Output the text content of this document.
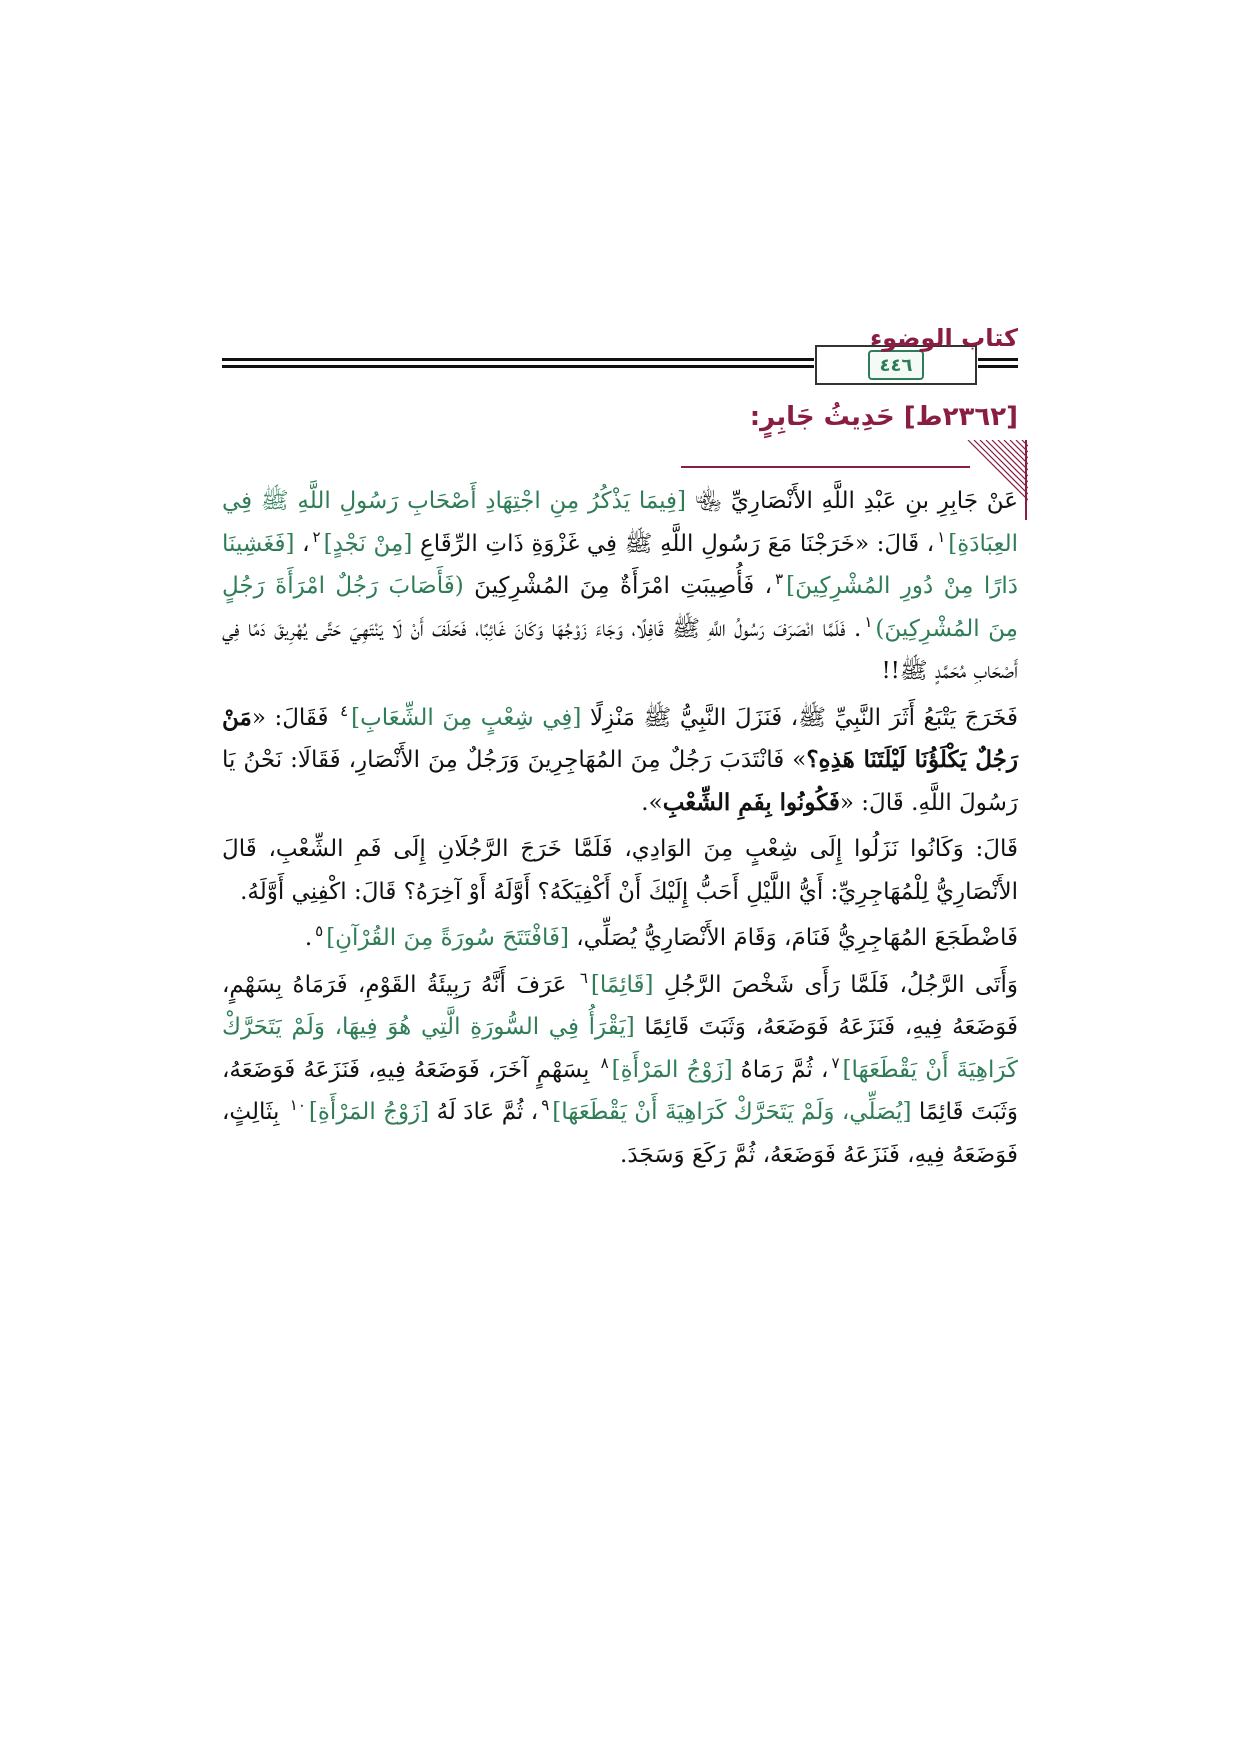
٤٤٦
كتاب الوضوء
[٢٣٦٢ط] حَدِيثُ جَابِرٍ:

عَنْ جَابِرِ بنِ عَبْدِ اللَّهِ الأَنْصَارِيِّ ﵄ [فِيمَا يَذْكُرُ مِنِ اجْتِهَادِ أَصْحَابِ رَسُولِ اللَّهِ ﷺ فِي العِبَادَةِ]$^١$، قَالَ: «خَرَجْنَا مَعَ رَسُولِ اللَّهِ ﷺ فِي غَزْوَةِ ذَاتِ الرِّقَاعِ [مِنْ نَجْدٍ]$^٢$، [فَغَشِينَا دَارًا مِنْ دُورِ المُشْرِكِينَ]$^٣$، فَأُصِيبَتِ امْرَأَةٌ مِنَ المُشْرِكِينَ (فَأَصَابَ رَجُلٌ امْرَأَةَ رَجُلٍ مِنَ المُشْرِكِينَ)$^١$. فَلَمَّا انْصَرَفَ رَسُولُ اللَّهِ ﷺ قَافِلًا، وَجَاءَ زَوْجُهَا وَكَانَ غَائِبًا، فَحَلَفَ أَنْ لَا يَنْتَهِيَ حَتَّى يُهْرِيقَ دَمًا فِي أَصْحَابِ مُحَمَّدٍ ﷺ!!

فَخَرَجَ يَتْبَعُ أَثَرَ النَّبِيِّ ﷺ، فَنَزَلَ النَّبِيُّ ﷺ مَنْزِلًا [فِي شِعْبٍ مِنَ الشِّعَابِ]$^٤$ فَقَالَ: «مَنْ رَجُلٌ يَكْلَؤُنَا لَيْلَتَنَا هَذِهِ؟» فَانْتَدَبَ رَجُلٌ مِنَ المُهَاجِرِينَ وَرَجُلٌ مِنَ الأَنْصَارِ، فَقَالَا: نَحْنُ يَا رَسُولَ اللَّهِ. قَالَ: «فَكُونُوا بِفَمِ الشِّعْبِ».

قَالَ: وَكَانُوا نَزَلُوا إِلَى شِعْبٍ مِنَ الوَادِي، فَلَمَّا خَرَجَ الرَّجُلَانِ إِلَى فَمِ الشِّعْبِ، قَالَ الأَنْصَارِيُّ لِلْمُهَاجِرِيِّ: أَيُّ اللَّيْلِ أَحَبُّ إِلَيْكَ أَنْ أَكْفِيَكَهُ؟ أَوَّلَهُ أَوْ آخِرَهُ؟ قَالَ: اكْفِنِي أَوَّلَهُ.

فَاضْطَجَعَ المُهَاجِرِيُّ فَنَامَ، وَقَامَ الأَنْصَارِيُّ يُصَلِّي، [فَافْتَتَحَ سُورَةً مِنَ القُرْآنِ]$^٥$.

وَأَتَى الرَّجُلُ، فَلَمَّا رَأَى شَخْصَ الرَّجُلِ [قَائِمًا]$^٦$ عَرَفَ أَنَّهُ رَبِيئَةُ القَوْمِ، فَرَمَاهُ بِسَهْمٍ، فَوَضَعَهُ فِيهِ، فَنَزَعَهُ فَوَضَعَهُ، وَثَبَتَ قَائِمًا [يَقْرَأُ فِي السُّورَةِ الَّتِي هُوَ فِيهَا، وَلَمْ يَتَحَرَّكْ كَرَاهِيَةَ أَنْ يَقْطَعَهَا]$^٧$، ثُمَّ رَمَاهُ [زَوْجُ المَرْأَةِ]$^٨$ بِسَهْمٍ آخَرَ، فَوَضَعَهُ فِيهِ، فَنَزَعَهُ فَوَضَعَهُ، وَثَبَتَ قَائِمًا [يُصَلِّي، وَلَمْ يَتَحَرَّكْ كَرَاهِيَةَ أَنْ يَقْطَعَهَا]$^٩$، ثُمَّ عَادَ لَهُ [زَوْجُ المَرْأَةِ]$^{١٠}$ بِثَالِثٍ، فَوَضَعَهُ فِيهِ، فَنَزَعَهُ فَوَضَعَهُ، ثُمَّ رَكَعَ وَسَجَدَ.
